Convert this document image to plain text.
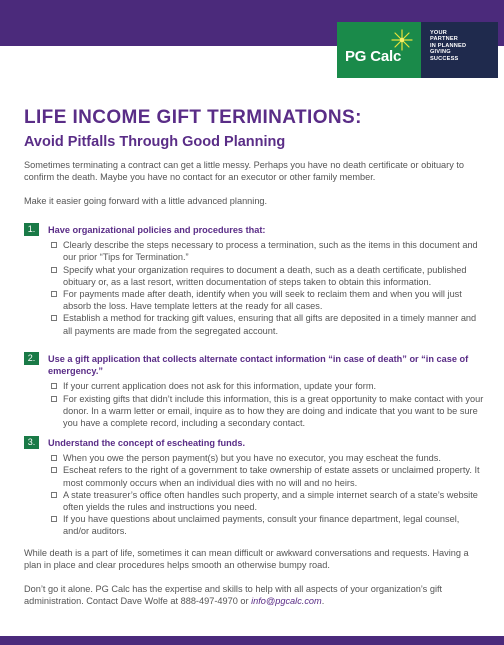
PG Calc
YOUR
PARTNER
IN PLANNED
GIVING
SUCCESS
LIFE INCOME GIFT TERMINATIONS:
Avoid Pitfalls Through Good Planning

Sometimes terminating a contract can get a little messy. Perhaps you have no death certificate or obituary to confirm the death. Maybe you have no contact for an executor or other family member.

Make it easier going forward with a little advanced planning.

1.	Have organizational policies and procedures that:
Clearly describe the steps necessary to process a termination, such as the items in this document and our prior “Tips for Termination.”
Specify what your organization requires to document a death, such as a death certificate, published obituary or, as a last resort, written documentation of steps taken to obtain this information.
For payments made after death, identify when you will seek to reclaim them and when you will just absorb the loss. Have template letters at the ready for all cases.
Establish a method for tracking gift values, ensuring that all gifts are deposited in a timely manner and all payments are made from the segregated account.
2.	Use a gift application that collects alternate contact information “in case of death” or “in case of emergency.”
If your current application does not ask for this information, update your form.
For existing gifts that didn’t include this information, this is a great opportunity to make contact with your donor. In a warm letter or email, inquire as to how they are doing and indicate that you want to be sure you have a complete record, including a secondary contact.
3.	Understand the concept of escheating funds.
When you owe the person payment(s) but you have no executor, you may escheat the funds.
Escheat refers to the right of a government to take ownership of estate assets or unclaimed property. It most commonly occurs when an individual dies with no will and no heirs.
A state treasurer’s office often handles such property, and a simple internet search of a state’s website often yields the rules and instructions you need.
If you have questions about unclaimed payments, consult your finance department, legal counsel, and/or auditors.

While death is a part of life, sometimes it can mean difficult or awkward conversations and requests. Having a plan in place and clear procedures helps smooth an otherwise bumpy road.

Don’t go it alone. PG Calc has the expertise and skills to help with all aspects of your organization’s gift administration. Contact Dave Wolfe at 888-497-4970 or info@pgcalc.com.
